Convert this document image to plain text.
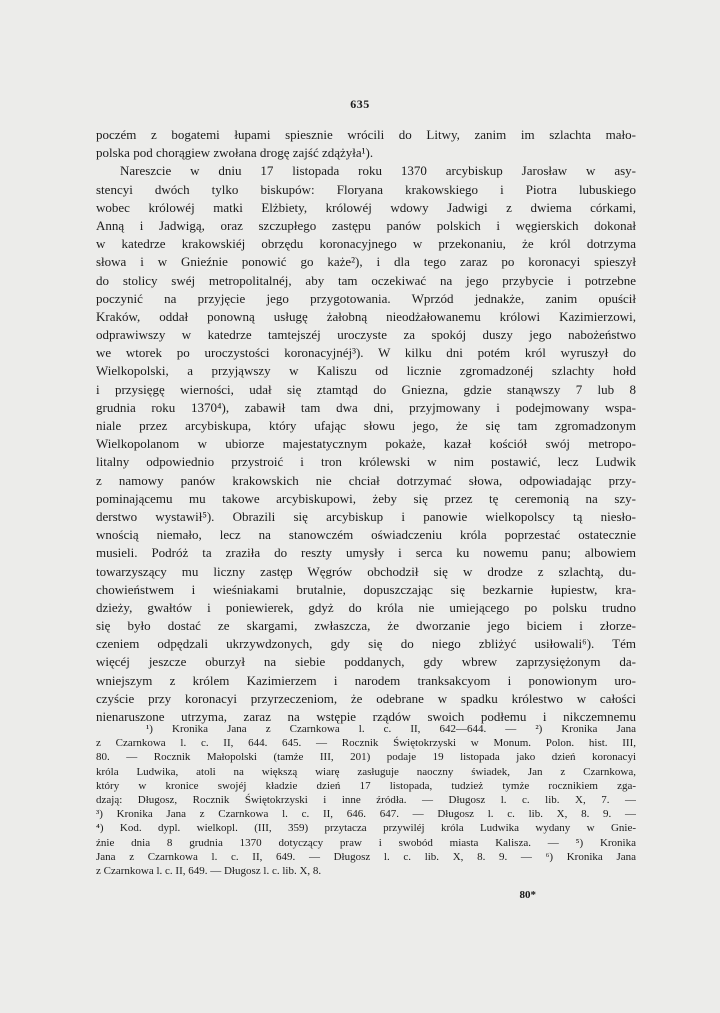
635
poczém z bogatemi łupami spiesznie wrócili do Litwy, zanim im szlachta mało-
polska pod chorągiew zwołana drogę zajść zdążyła¹).
Nareszcie w dniu 17 listopada roku 1370 arcybiskup Jarosław w asy-
stencyi dwóch tylko biskupów: Floryana krakowskiego i Piotra lubuskiego
wobec królowéj matki Elżbiety, królowéj wdowy Jadwigi z dwiema córkami,
Anną i Jadwigą, oraz szczupłego zastępu panów polskich i węgierskich dokonał
w katedrze krakowskiéj obrzędu koronacyjnego w przekonaniu, że król dotrzyma
słowa i w Gnieźnie ponowić go każe²), i dla tego zaraz po koronacyi spieszył
do stolicy swéj metropolitalnéj, aby tam oczekiwać na jego przybycie i potrzebne
poczynić na przyjęcie jego przygotowania. Wprzód jednakże, zanim opuścił
Kraków, oddał ponowną usługę żałobną nieodżałowanemu królowi Kazimierzowi,
odprawiwszy w katedrze tamtejszéj uroczyste za spokój duszy jego nabożeństwo
we wtorek po uroczystości koronacyjnéj³). W kilku dni potém król wyruszył do
Wielkopolski, a przyjąwszy w Kaliszu od licznie zgromadzonéj szlachty hołd
i przysięgę wierności, udał się ztamtąd do Gniezna, gdzie stanąwszy 7 lub 8
grudnia roku 1370⁴), zabawił tam dwa dni, przyjmowany i podejmowany wspa-
niale przez arcybiskupa, który ufając słowu jego, że się tam zgromadzonym
Wielkopolanom w ubiorze majestatycznym pokaże, kazał kościół swój metropo-
litalny odpowiednio przystroić i tron królewski w nim postawić, lecz Ludwik
z namowy panów krakowskich nie chciał dotrzymać słowa, odpowiadając przy-
pominającemu mu takowe arcybiskupowi, żeby się przez tę ceremonią na szy-
derstwo wystawił⁵). Obrazili się arcybiskup i panowie wielkopolscy tą niesło-
wnością niemało, lecz na stanowczém oświadczeniu króla poprzestać ostatecznie
musieli. Podróż ta zraziła do reszty umysły i serca ku nowemu panu; albowiem
towarzyszący mu liczny zastęp Węgrów obchodził się w drodze z szlachtą, du-
chowieństwem i wieśniakami brutalnie, dopuszczając się bezkarnie łupiestw, kra-
dzieży, gwałtów i poniewierek, gdyż do króla nie umiejącego po polsku trudno
się było dostać ze skargami, zwłaszcza, że dworzanie jego biciem i złorze-
czeniem odpędzali ukrzywdzonych, gdy się do niego zbliżyć usiłowali⁶). Tém
więcéj jeszcze oburzył na siebie poddanych, gdy wbrew zaprzysiężonym da-
wniejszym z królem Kazimierzem i narodem tranksakcyom i ponowionym uro-
czyście przy koronacyi przyrzeczeniom, że odebrane w spadku królestwo w całości
nienaruszone utrzyma, zaraz na wstępie rządów swoich podłemu i nikczemnemu
¹) Kronika Jana z Czarnkowa l. c. II, 642—644. — ²) Kronika Jana
z Czarnkowa l. c. II, 644. 645. — Rocznik Świętokrzyski w Monum. Polon. hist. III,
80. — Rocznik Małopolski (tamże III, 201) podaje 19 listopada jako dzień koronacyi
króla Ludwika, atoli na większą wiarę zasługuje naoczny świadek, Jan z Czarnkowa,
który w kronice swojéj kładzie dzień 17 listopada, tudzież tymże rocznikiem zga-
dzają: Długosz, Rocznik Świętokrzyski i inne źródła. — Długosz l. c. lib. X, 7. —
³) Kronika Jana z Czarnkowa l. c. II, 646. 647. — Długosz l. c. lib. X, 8. 9. —
⁴) Kod. dypl. wielkopl. (III, 359) przytacza przywiléj króla Ludwika wydany w Gnie-
źnie dnia 8 grudnia 1370 dotyczący praw i swobód miasta Kalisza. — ⁵) Kronika
Jana z Czarnkowa l. c. II, 649. — Długosz l. c. lib. X, 8. 9. — ⁶) Kronika Jana
z Czarnkowa l. c. II, 649. — Długosz l. c. lib. X, 8.
80*
